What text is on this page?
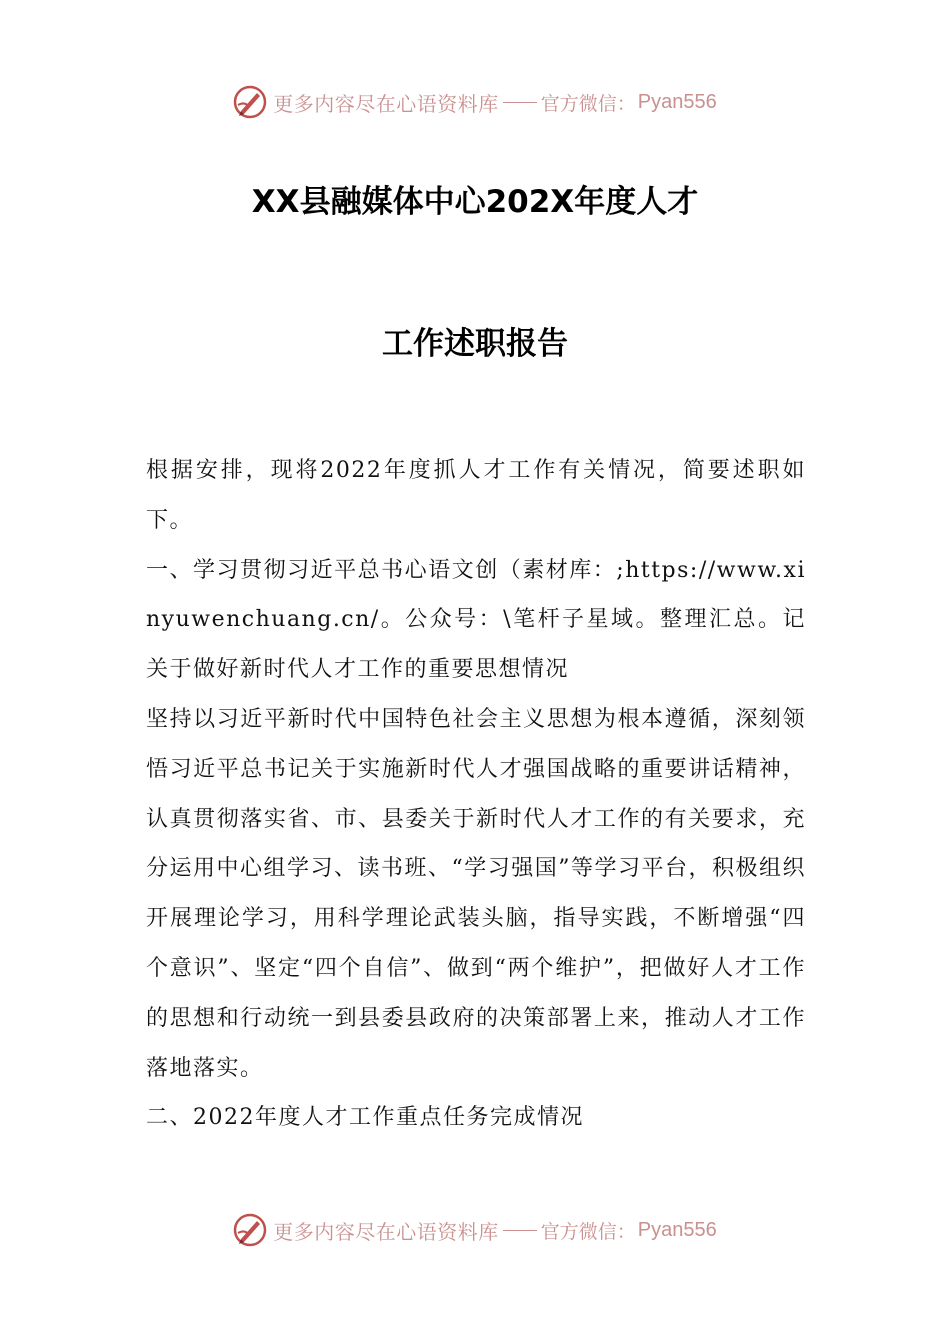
更多内容尽在心语资料库 官方微信： Pyan556
XX县融媒体中心202X年度人才
工作述职报告

根据安排，现将2022年度抓人才工作有关情况，简要述职如下。

一、学习贯彻习近平总书心语文创（素材库：;https://www.xinyuwenchuang.cn/。公众号：\笔杆子星域。整理汇总。记关于做好新时代人才工作的重要思想情况

坚持以习近平新时代中国特色社会主义思想为根本遵循，深刻领悟习近平总书记关于实施新时代人才强国战略的重要讲话精神，认真贯彻落实省、市、县委关于新时代人才工作的有关要求，充分运用中心组学习、读书班、“学习强国”等学习平台，积极组织开展理论学习，用科学理论武装头脑，指导实践，不断增强“四个意识”、坚定“四个自信”、做到“两个维护”，把做好人才工作的思想和行动统一到县委县政府的决策部署上来，推动人才工作落地落实。

二、2022年度人才工作重点任务完成情况

更多内容尽在心语资料库 官方微信： Pyan556
